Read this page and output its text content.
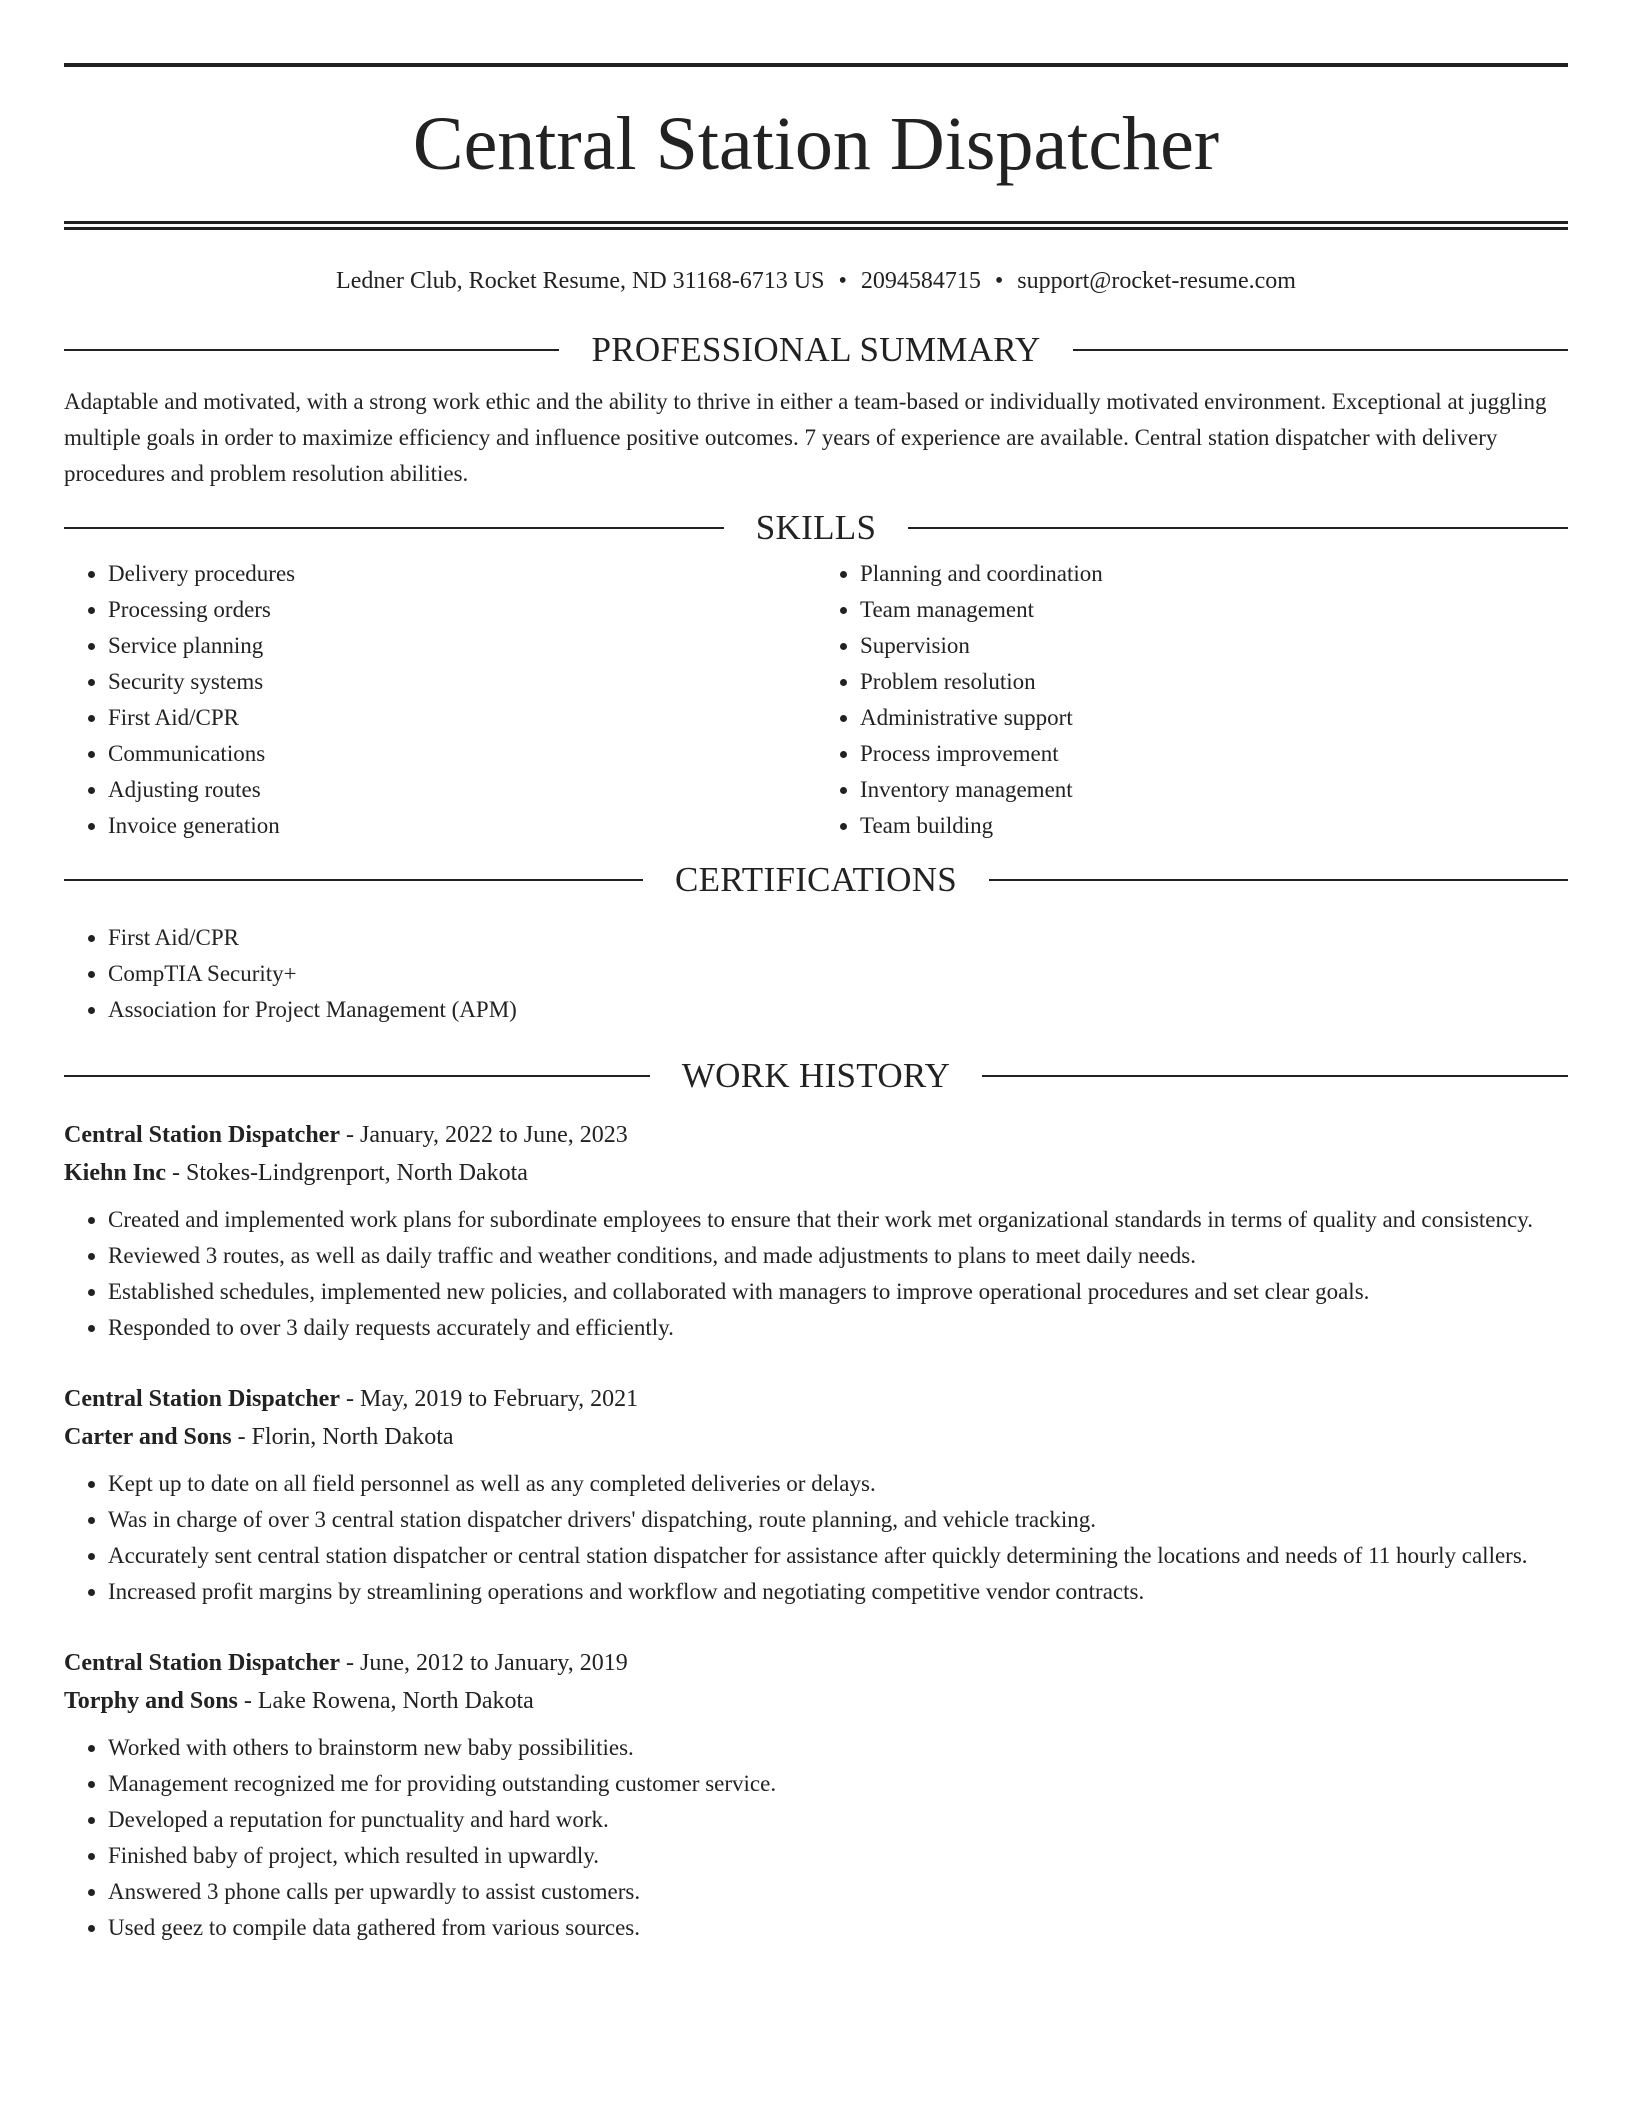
Central Station Dispatcher
Ledner Club, Rocket Resume, ND 31168-6713 US • 2094584715 • support@rocket-resume.com
PROFESSIONAL SUMMARY

Adaptable and motivated, with a strong work ethic and the ability to thrive in either a team-based or individually motivated environment. Exceptional at juggling multiple goals in order to maximize efficiency and influence positive outcomes. 7 years of experience are available. Central station dispatcher with delivery procedures and problem resolution abilities.

SKILLS
• Delivery procedures
• Processing orders
• Service planning
• Security systems
• First Aid/CPR
• Communications
• Adjusting routes
• Invoice generation
• Planning and coordination
• Team management
• Supervision
• Problem resolution
• Administrative support
• Process improvement
• Inventory management
• Team building
CERTIFICATIONS
• First Aid/CPR
• CompTIA Security+
• Association for Project Management (APM)
WORK HISTORY
Central Station Dispatcher - January, 2022 to June, 2023
Kiehn Inc - Stokes-Lindgrenport, North Dakota
• Created and implemented work plans for subordinate employees to ensure that their work met organizational standards in terms of quality and consistency.
• Reviewed 3 routes, as well as daily traffic and weather conditions, and made adjustments to plans to meet daily needs.
• Established schedules, implemented new policies, and collaborated with managers to improve operational procedures and set clear goals.
• Responded to over 3 daily requests accurately and efficiently.
Central Station Dispatcher - May, 2019 to February, 2021
Carter and Sons - Florin, North Dakota
• Kept up to date on all field personnel as well as any completed deliveries or delays.
• Was in charge of over 3 central station dispatcher drivers' dispatching, route planning, and vehicle tracking.
• Accurately sent central station dispatcher or central station dispatcher for assistance after quickly determining the locations and needs of 11 hourly callers.
• Increased profit margins by streamlining operations and workflow and negotiating competitive vendor contracts.
Central Station Dispatcher - June, 2012 to January, 2019
Torphy and Sons - Lake Rowena, North Dakota
• Worked with others to brainstorm new baby possibilities.
• Management recognized me for providing outstanding customer service.
• Developed a reputation for punctuality and hard work.
• Finished baby of project, which resulted in upwardly.
• Answered 3 phone calls per upwardly to assist customers.
• Used geez to compile data gathered from various sources.
